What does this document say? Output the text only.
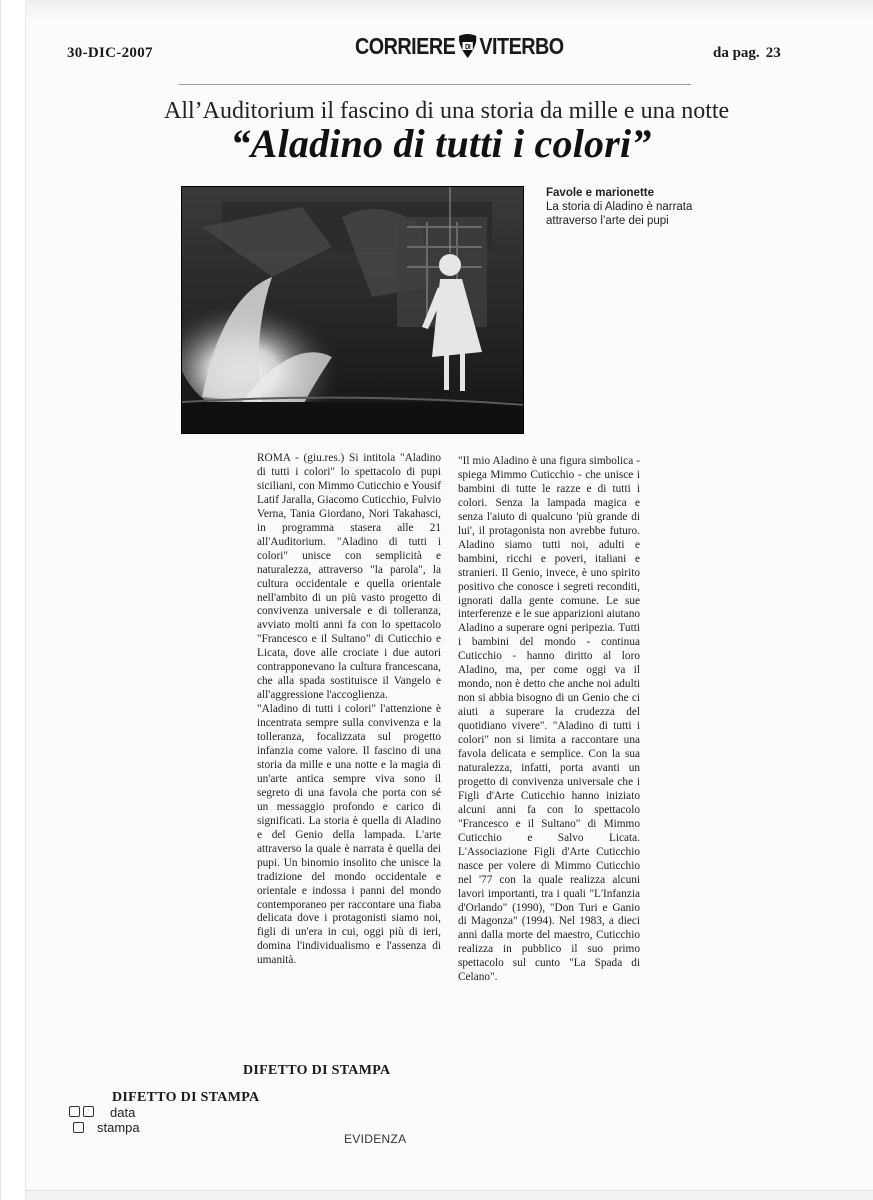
30-DIC-2007	CORRIERE DI VITERBO	da pag. 23
All’Auditorium il fascino di una storia da mille e una notte
“Aladino di tutti i colori”
Favole e marionette
La storia di Aladino è narrata attraverso l’arte dei pupi

ROMA - (giu.res.) Si intitola "Aladino di tutti i colori" lo spettacolo di pupi siciliani, con Mimmo Cuticchio e Yousif Latif Jaralla, Giacomo Cuticchio, Fulvio Verna, Tania Giordano, Nori Takahasci, in programma stasera alle 21 all'Auditorium. "Aladino di tutti i colori" unisce con semplicità e naturalezza, attraverso "la parola", la cultura occidentale e quella orientale nell'ambito di un più vasto progetto di convivenza universale e di tolleranza, avviato molti anni fa con lo spettacolo "Francesco e il Sultano" di Cuticchio e Licata, dove alle crociate i due autori contrapponevano la cultura francescana, che alla spada sostituisce il Vangelo e all'aggressione l'accoglienza.

"Aladino di tutti i colori" l'attenzione è incentrata sempre sulla convivenza e la tolleranza, focalizzata sul progetto infanzia come valore. Il fascino di una storia da mille e una notte e la magia di un'arte antica sempre viva sono il segreto di una favola che porta con sé un messaggio profondo e carico di significati. La storia è quella di Aladino e del Genio della lampada. L'arte attraverso la quale è narrata è quella dei pupi. Un binomio insolito che unisce la tradizione del mondo occidentale e orientale e indossa i panni del mondo contemporaneo per raccontare una fiaba delicata dove i protagonisti siamo noi, figli di un'era in cui, oggi più di ieri, domina l'individualismo e l'assenza di umanità.

"Il mio Aladino è una figura simbolica - spiega Mimmo Cuticchio - che unisce i bambini di tutte le razze e di tutti i colori. Senza la lampada magica e senza l'aiuto di qualcuno 'più grande di lui', il protagonista non avrebbe futuro. Aladino siamo tutti noi, adulti e bambini, ricchi e poveri, italiani e stranieri. Il Genio, invece, è uno spirito positivo che conosce i segreti reconditi, ignorati dalla gente comune. Le sue interferenze e le sue apparizioni aiutano Aladino a superare ogni peripezia. Tutti i bambini del mondo - continua Cuticchio - hanno diritto al loro Aladino, ma, per come oggi va il mondo, non è detto che anche noi adulti non si abbia bisogno di un Genio che ci aiuti a superare la crudezza del quotidiano vivere". "Aladino di tutti i colori" non si limita a raccontare una favola delicata e semplice. Con la sua naturalezza, infatti, porta avanti un progetto di convivenza universale che i Figli d'Arte Cuticchio hanno iniziato alcuni anni fa con lo spettacolo "Francesco e il Sultano" di Mimmo Cuticchio e Salvo Licata. L'Associazione Figli d'Arte Cuticchio nasce per volere di Mimmo Cuticchio nel '77 con la quale realizza alcuni lavori importanti, tra i quali "L'Infanzia d'Orlando" (1990), "Don Turi e Ganio di Magonza" (1994). Nel 1983, a dieci anni dalla morte del maestro, Cuticchio realizza in pubblico il suo primo spettacolo sul cunto "La Spada di Celano".

DIFETTO DI STAMPA
DIFETTO DI STAMPA
data
stampa
EVIDENZA
